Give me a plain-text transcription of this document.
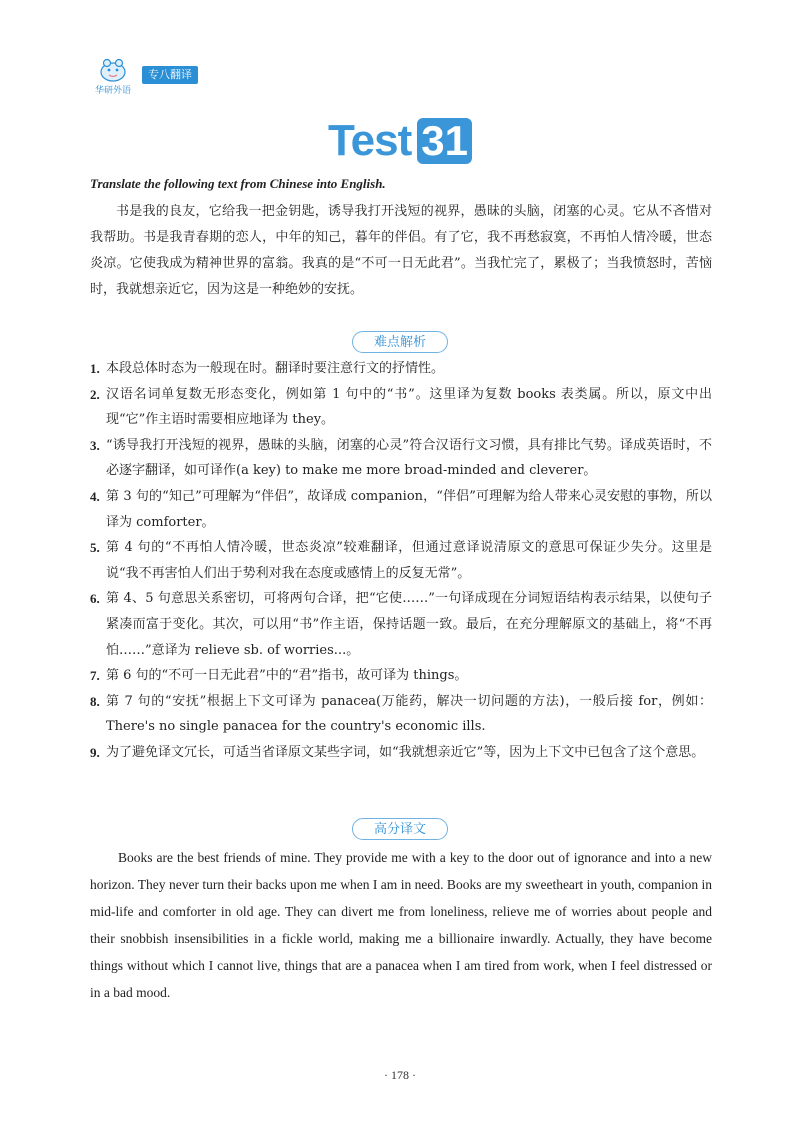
华研外语
专八翻译
Test 31
Translate the following text from Chinese into English.

书是我的良友，它给我一把金钥匙，诱导我打开浅短的视界，愚昧的头脑，闭塞的心灵。它从不吝惜对我帮助。书是我青春期的恋人，中年的知己，暮年的伴侣。有了它，我不再愁寂寞，不再怕人情冷暖，世态炎凉。它使我成为精神世界的富翁。我真的是“不可一日无此君”。当我忙完了，累极了；当我愤怒时，苦恼时，我就想亲近它，因为这是一种绝妙的安抚。

难点解析
1. 本段总体时态为一般现在时。翻译时要注意行文的抒情性。
2. 汉语名词单复数无形态变化，例如第 1 句中的“书”。这里译为复数 books 表类属。所以，原文中出现“它”作主语时需要相应地译为 they。
3. “诱导我打开浅短的视界，愚昧的头脑，闭塞的心灵”符合汉语行文习惯，具有排比气势。译成英语时，不必逐字翻译，如可译作(a key) to make me more broad-minded and cleverer。
4. 第 3 句的“知己”可理解为“伴侣”，故译成 companion，“伴侣”可理解为给人带来心灵安慰的事物，所以译为 comforter。
5. 第 4 句的“不再怕人情冷暖，世态炎凉”较难翻译，但通过意译说清原文的意思可保证少失分。这里是说“我不再害怕人们出于势利对我在态度或感情上的反复无常”。
6. 第 4、5 句意思关系密切，可将两句合译，把“它使……”一句译成现在分词短语结构表示结果，以使句子紧凑而富于变化。其次，可以用“书”作主语，保持话题一致。最后，在充分理解原文的基础上，将“不再怕……”意译为 relieve sb. of worries...。
7. 第 6 句的“不可一日无此君”中的“君”指书，故可译为 things。
8. 第 7 句的“安抚”根据上下文可译为 panacea(万能药，解决一切问题的方法)，一般后接 for，例如：There's no single panacea for the country's economic ills.
9. 为了避免译文冗长，可适当省译原文某些字词，如“我就想亲近它”等，因为上下文中已包含了这个意思。
高分译文

Books are the best friends of mine. They provide me with a key to the door out of ignorance and into a new horizon. They never turn their backs upon me when I am in need. Books are my sweetheart in youth, companion in mid-life and comforter in old age. They can divert me from loneliness, relieve me of worries about people and their snobbish insensibilities in a fickle world, making me a billionaire inwardly. Actually, they have become things without which I cannot live, things that are a panacea when I am tired from work, when I feel distressed or in a bad mood.

· 178 ·
